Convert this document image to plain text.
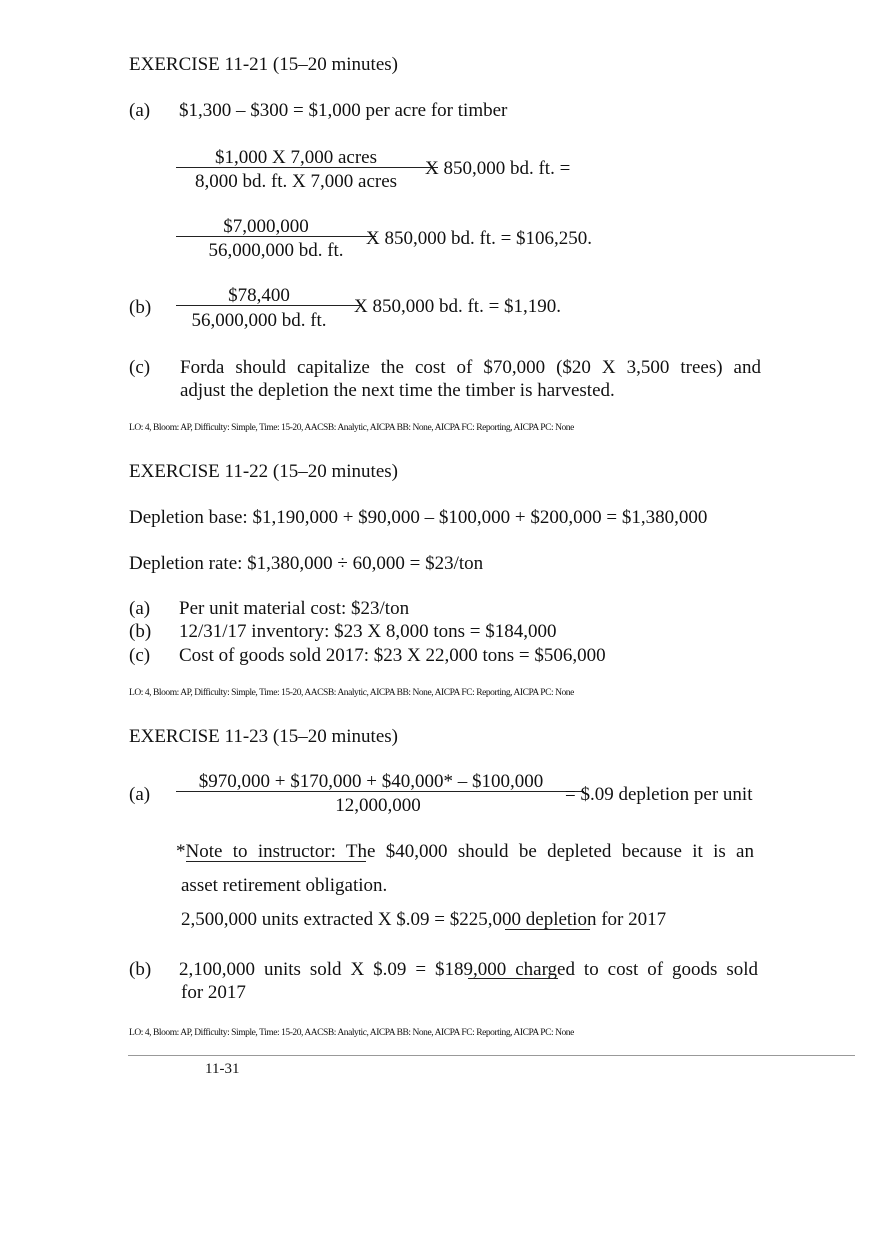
EXERCISE 11-21 (15–20 minutes)
(a) $1,300 – $300 = $1,000 per acre for timber
$1,000 X 7,000 acres
8,000 bd. ft. X 7,000 acres
X 850,000 bd. ft. =
$7,000,000
56,000,000 bd. ft.
X 850,000 bd. ft. = $106,250.
(b)
$78,400
56,000,000 bd. ft.
X 850,000 bd. ft. = $1,190.
(c) Forda should capitalize the cost of $70,000 ($20 X 3,500 trees) and
adjust the depletion the next time the timber is harvested.
LO: 4, Bloom: AP, Difficulty: Simple, Time: 15-20, AACSB: Analytic, AICPA BB: None, AICPA FC: Reporting, AICPA PC: None
EXERCISE 11-22 (15–20 minutes)
Depletion base: $1,190,000 + $90,000 – $100,000 + $200,000 = $1,380,000
Depletion rate: $1,380,000 ÷ 60,000 = $23/ton
(a) Per unit material cost: $23/ton
(b) 12/31/17 inventory: $23 X 8,000 tons = $184,000
(c) Cost of goods sold 2017: $23 X 22,000 tons = $506,000
LO: 4, Bloom: AP, Difficulty: Simple, Time: 15-20, AACSB: Analytic, AICPA BB: None, AICPA FC: Reporting, AICPA PC: None
EXERCISE 11-23 (15–20 minutes)
(a)
$970,000 + $170,000 + $40,000* – $100,000
12,000,000
= $.09 depletion per unit
*Note to instructor: The $40,000 should be depleted because it is an
asset retirement obligation.
2,500,000 units extracted X $.09 = $225,000 depletion for 2017
(b) 2,100,000 units sold X $.09 = $189,000 charged to cost of goods sold
for 2017
LO: 4, Bloom: AP, Difficulty: Simple, Time: 15-20, AACSB: Analytic, AICPA BB: None, AICPA FC: Reporting, AICPA PC: None
11-31
